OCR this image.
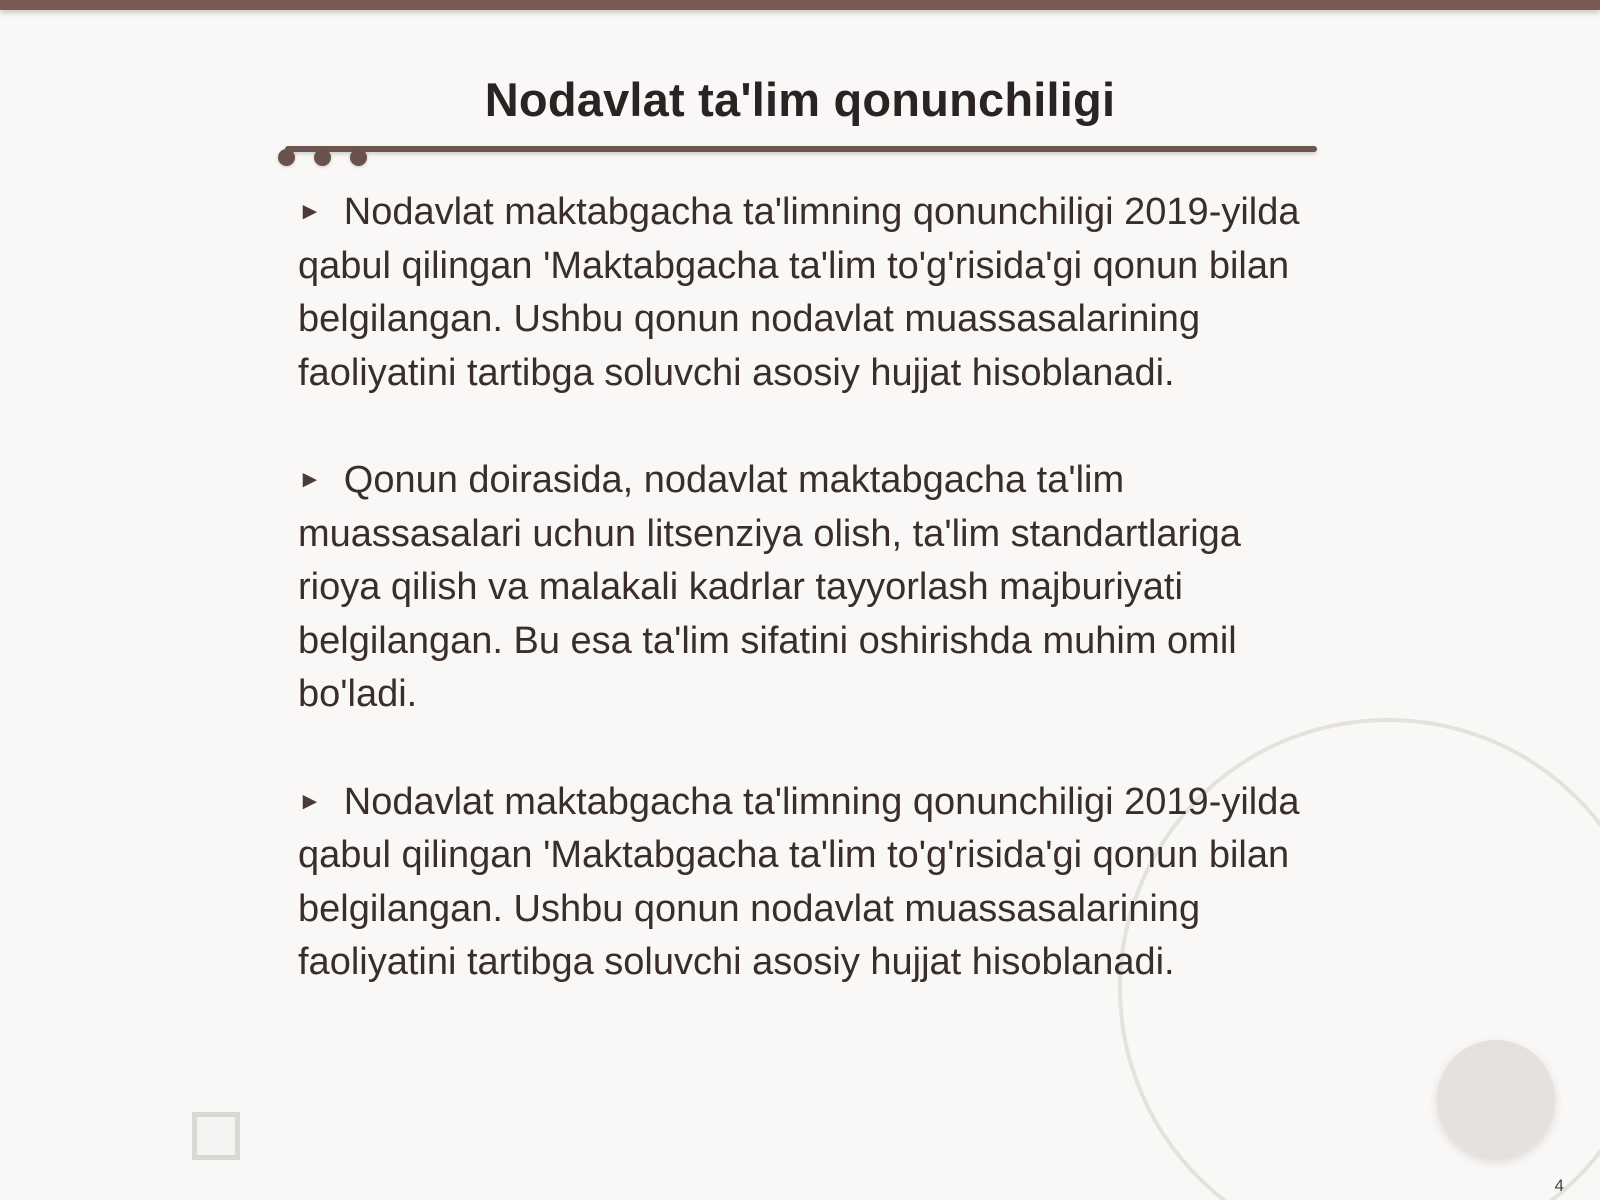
Nodavlat ta'lim qonunchiligi

► Nodavlat maktabgacha ta'limning qonunchiligi 2019-yilda qabul qilingan 'Maktabgacha ta'lim to'g'risida'gi qonun bilan belgilangan. Ushbu qonun nodavlat muassasalarining faoliyatini tartibga soluvchi asosiy hujjat hisoblanadi.

► Qonun doirasida, nodavlat maktabgacha ta'lim muassasalari uchun litsenziya olish, ta'lim standartlariga rioya qilish va malakali kadrlar tayyorlash majburiyati belgilangan. Bu esa ta'lim sifatini oshirishda muhim omil bo'ladi.

► Nodavlat maktabgacha ta'limning qonunchiligi 2019-yilda qabul qilingan 'Maktabgacha ta'lim to'g'risida'gi qonun bilan belgilangan. Ushbu qonun nodavlat muassasalarining faoliyatini tartibga soluvchi asosiy hujjat hisoblanadi.

4
